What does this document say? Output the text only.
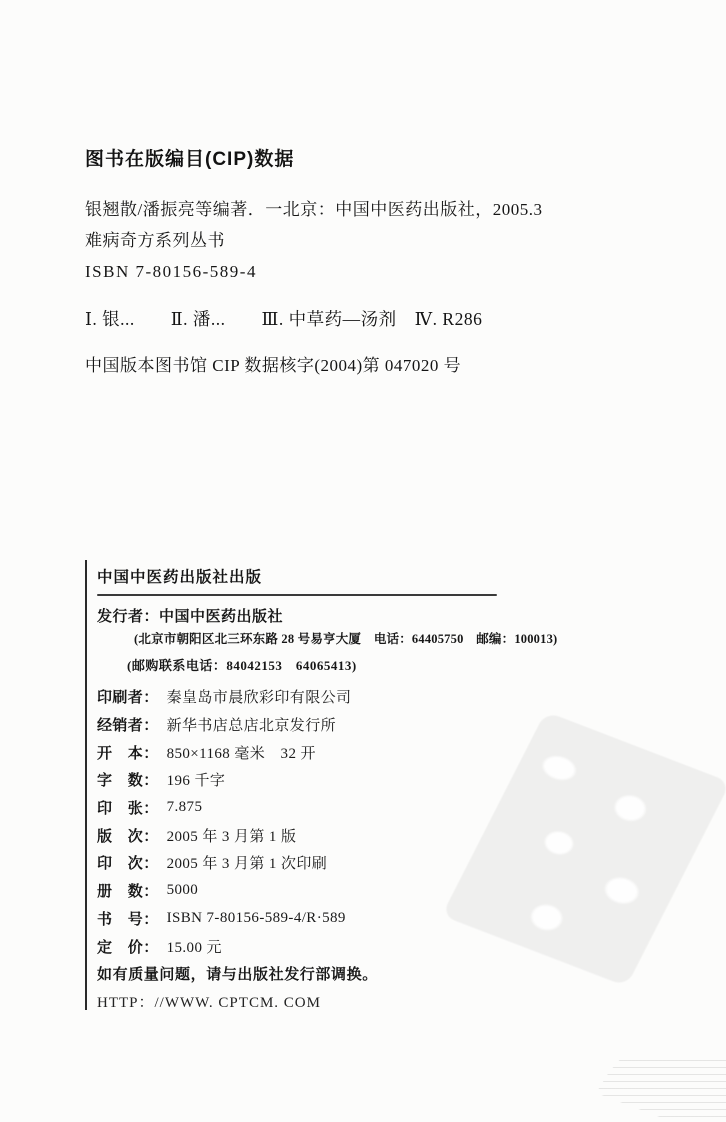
图书在版编目(CIP)数据
银翘散/潘振亮等编著．一北京：中国中医药出版社，2005.3
难病奇方系列丛书
ISBN 7-80156-589-4
Ⅰ. 银...　　Ⅱ. 潘...　　Ⅲ. 中草药—汤剂　Ⅳ. R286
中国版本图书馆 CIP 数据核字(2004)第 047020 号
中国中医药出版社出版
发行者：中国中医药出版社
(北京市朝阳区北三环东路 28 号易亨大厦　电话：64405750　邮编：100013)
(邮购联系电话：84042153　64065413)
印刷者： 秦皇岛市晨欣彩印有限公司
经销者： 新华书店总店北京发行所
开　本： 850×1168 毫米　32 开
字　数： 196 千字
印　张： 7.875
版　次： 2005 年 3 月第 1 版
印　次： 2005 年 3 月第 1 次印刷
册　数： 5000
书　号： ISBN 7-80156-589-4/R·589
定　价： 15.00 元
如有质量问题，请与出版社发行部调换。
HTTP：//WWW. CPTCM. COM
